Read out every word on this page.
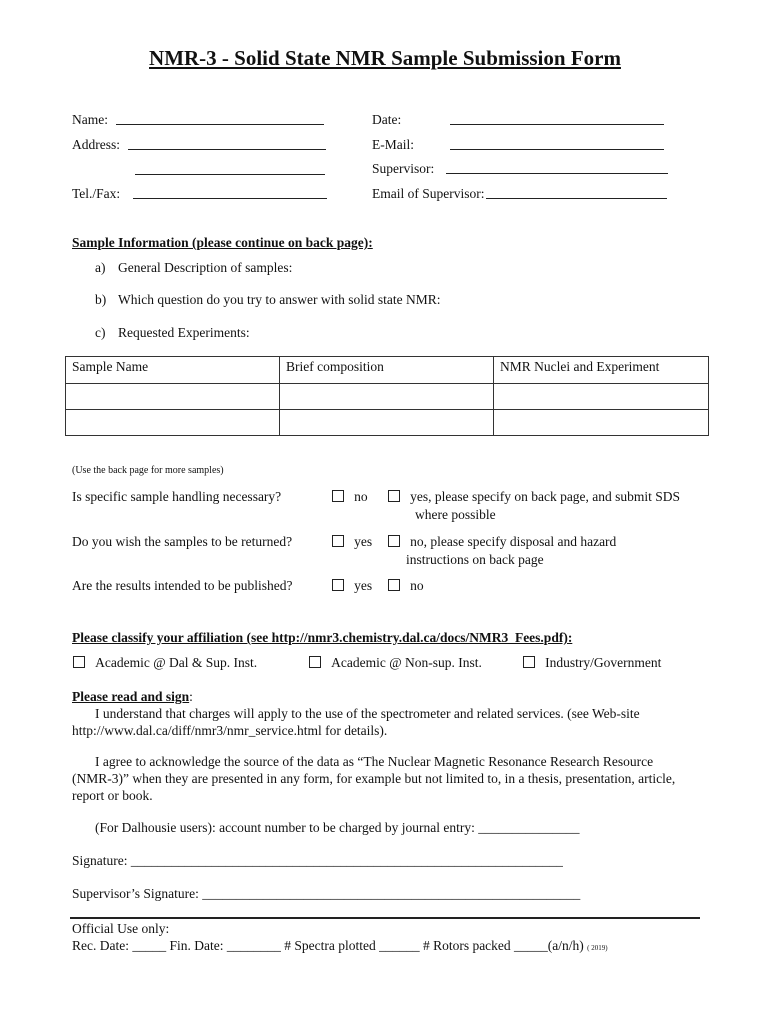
NMR-3 - Solid State NMR Sample Submission Form
Name:
Address:
Tel./Fax:
Date:
E-Mail:
Supervisor:
Email of Supervisor:
Sample Information (please continue on back page):
a) General Description of samples:
b) Which question do you try to answer with solid state NMR:
c) Requested Experiments:
Sample Name	Brief composition	NMR Nuclei and Experiment

(Use the back page for more samples)
Is specific sample handling necessary?	no	yes, please specify on back page, and submit SDS
where possible
Do you wish the samples to be returned?	yes	no, please specify disposal and hazard
instructions on back page
Are the results intended to be published?	yes	no
Please classify your affiliation (see http://nmr3.chemistry.dal.ca/docs/NMR3_Fees.pdf):
Academic @ Dal & Sup. Inst.	Academic @ Non-sup. Inst.	Industry/Government
Please read and sign:
I understand that charges will apply to the use of the spectrometer and related services. (see Web-site
http://www.dal.ca/diff/nmr3/nmr_service.html for details).
I agree to acknowledge the source of the data as “The Nuclear Magnetic Resonance Research Resource
(NMR-3)” when they are presented in any form, for example but not limited to, in a thesis, presentation, article,
report or book.
(For Dalhousie users): account number to be charged by journal entry: _______________
Signature: ________________________________________________________________
Supervisor’s Signature: ________________________________________________________
Official Use only:
Rec. Date: _____ Fin. Date: ________ # Spectra plotted ______ # Rotors packed _____(a/n/h) ( 2019)
